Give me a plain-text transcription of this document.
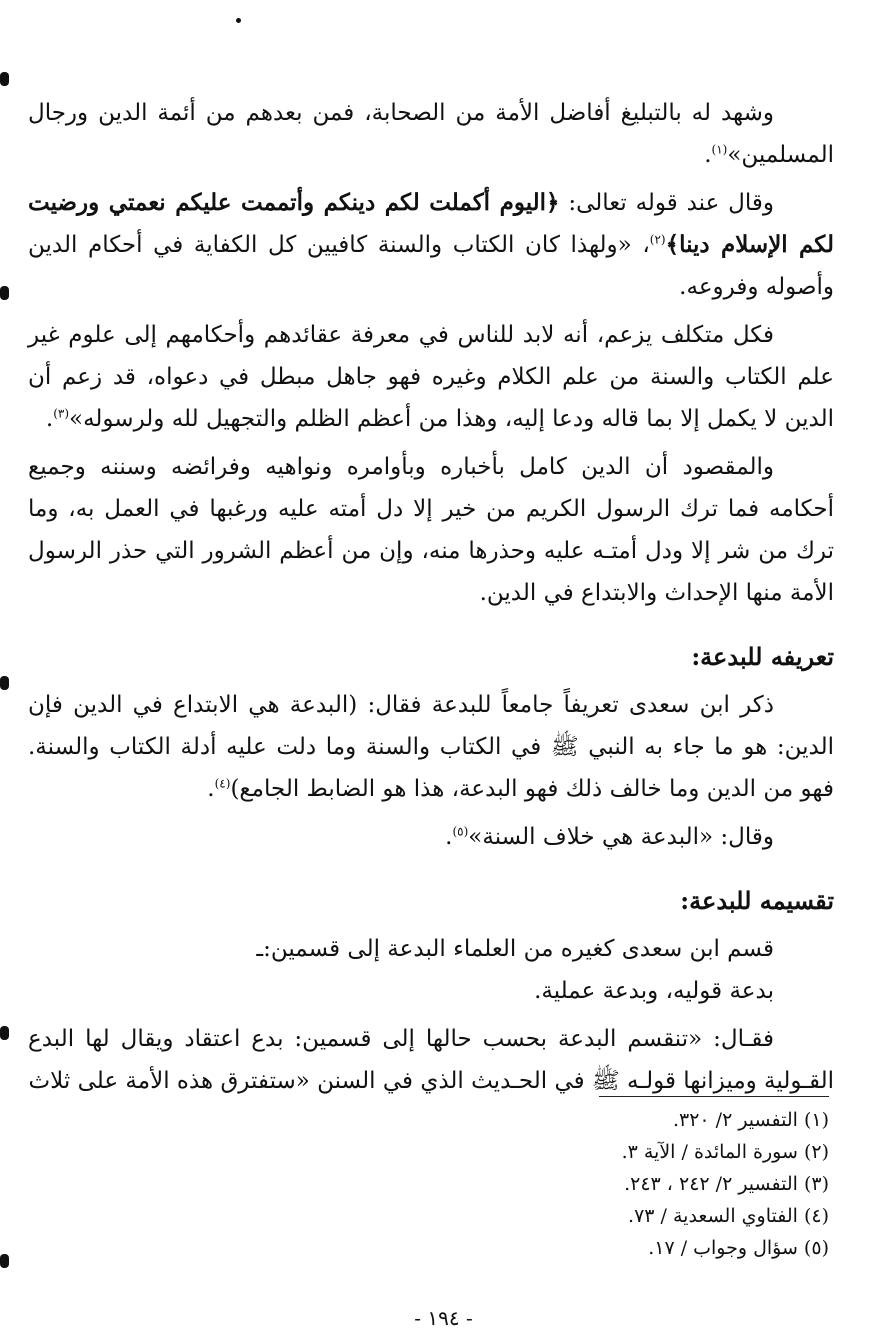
وشهد له بالتبليغ أفاضل الأمة من الصحابة، فمن بعدهم من أئمة الدين ورجال المسلمين»$^{(١)}$.

وقال عند قوله تعالى: ﴿اليوم أكملت لكم دينكم وأتممت عليكم نعمتي ورضيت لكم الإسلام دينا﴾$^{(٢)}$، «ولهذا كان الكتاب والسنة كافيين كل الكفاية في أحكام الدين وأصوله وفروعه.

فكل متكلف يزعم، أنه لابد للناس في معرفة عقائدهم وأحكامهم إلى علوم غير علم الكتاب والسنة من علم الكلام وغيره فهو جاهل مبطل في دعواه، قد زعم أن الدين لا يكمل إلا بما قاله ودعا إليه، وهذا من أعظم الظلم والتجهيل لله ولرسوله»$^{(٣)}$.

والمقصود أن الدين كامل بأخباره وبأوامره ونواهيه وفرائضه وسننه وجميع أحكامه فما ترك الرسول الكريم من خير إلا دل أمته عليه ورغبها في العمل به، وما ترك من شر إلا ودل أمتـه عليه وحذرها منه، وإن من أعظم الشرور التي حذر الرسول الأمة منها الإحداث والابتداع في الدين.

تعريفه للبدعة:

ذكر ابن سعدى تعريفاً جامعاً للبدعة فقال: (البدعة هي الابتداع في الدين فإن الدين: هو ما جاء به النبي ﷺ في الكتاب والسنة وما دلت عليه أدلة الكتاب والسنة. فهو من الدين وما خالف ذلك فهو البدعة، هذا هو الضابط الجامع)$^{(٤)}$.

وقال: «البدعة هي خلاف السنة»$^{(٥)}$.

تقسيمه للبدعة:

قسم ابن سعدى كغيره من العلماء البدعة إلى قسمين:ـ

بدعة قوليه، وبدعة عملية.

فقـال: «تنقسم البدعة بحسب حالها إلى قسمين: بدع اعتقاد ويقال لها البدع القـولية وميزانها قولـه ﷺ في الحـديث الذي في السنن «ستفترق هذه الأمة على ثلاث

(١) التفسير ٢/ ٣٢٠.
(٢) سورة المائدة / الآية ٣.
(٣) التفسير ٢/ ٢٤٢ ، ٢٤٣.
(٤) الفتاوي السعدية / ٧٣.
(٥) سؤال وجواب / ١٧.
- ١٩٤ -
